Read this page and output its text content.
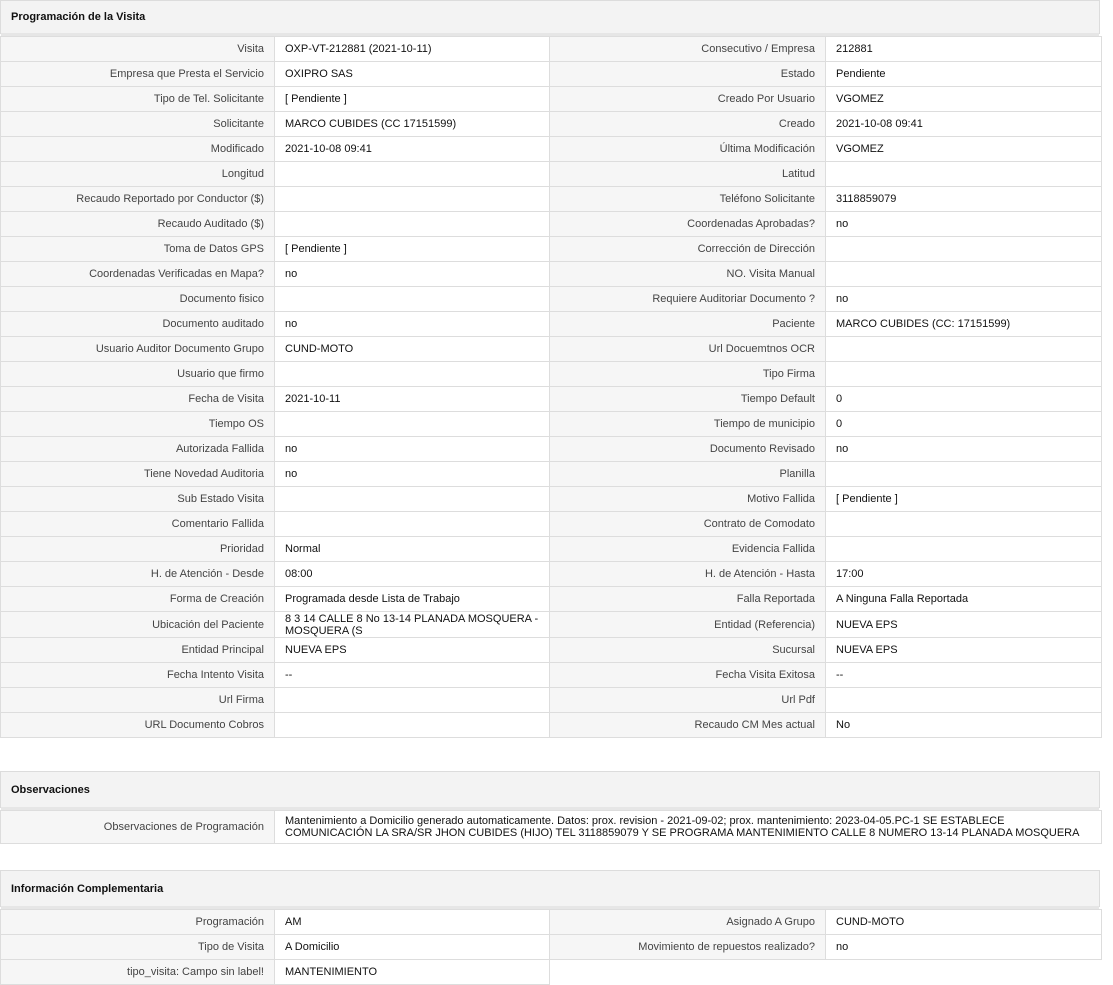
Programación de la Visita
Visita	OXP-VT-212881 (2021-10-11)	Consecutivo / Empresa	212881
Empresa que Presta el Servicio	OXIPRO SAS	Estado	Pendiente
Tipo de Tel. Solicitante	[ Pendiente ]	Creado Por Usuario	VGOMEZ
Solicitante	MARCO CUBIDES (CC 17151599)	Creado	2021-10-08 09:41
Modificado	2021-10-08 09:41	Última Modificación	VGOMEZ
Longitud		Latitud	
Recaudo Reportado por Conductor ($)		Teléfono Solicitante	3118859079
Recaudo Auditado ($)		Coordenadas Aprobadas?	no
Toma de Datos GPS	[ Pendiente ]	Corrección de Dirección	
Coordenadas Verificadas en Mapa?	no	NO. Visita Manual	
Documento fisico		Requiere Auditoriar Documento ?	no
Documento auditado	no	Paciente	MARCO CUBIDES (CC: 17151599)
Usuario Auditor Documento Grupo	CUND-MOTO	Url Docuemtnos OCR	
Usuario que firmo		Tipo Firma	
Fecha de Visita	2021-10-11	Tiempo Default	0
Tiempo OS		Tiempo de municipio	0
Autorizada Fallida	no	Documento Revisado	no
Tiene Novedad Auditoria	no	Planilla	
Sub Estado Visita		Motivo Fallida	[ Pendiente ]
Comentario Fallida		Contrato de Comodato	
Prioridad	Normal	Evidencia Fallida	
H. de Atención - Desde	08:00	H. de Atención - Hasta	17:00
Forma de Creación	Programada desde Lista de Trabajo	Falla Reportada	A Ninguna Falla Reportada
Ubicación del Paciente	8 3 14 CALLE 8 No 13-14 PLANADA MOSQUERA - MOSQUERA (S	Entidad (Referencia)	NUEVA EPS
Entidad Principal	NUEVA EPS	Sucursal	NUEVA EPS
Fecha Intento Visita	--	Fecha Visita Exitosa	--
Url Firma		Url Pdf	
URL Documento Cobros		Recaudo CM Mes actual	No
Observaciones
Observaciones de Programación	Mantenimiento a Domicilio generado automaticamente. Datos: prox. revision - 2021-09-02; prox. mantenimiento: 2023-04-05.PC-1 SE ESTABLECE COMUNICACIÓN LA SRA/SR JHON CUBIDES (HIJO) TEL 3118859079 Y SE PROGRAMA MANTENIMIENTO CALLE 8 NUMERO 13-14 PLANADA MOSQUERA
Información Complementaria
Programación	AM	Asignado A Grupo	CUND-MOTO
Tipo de Visita	A Domicilio	Movimiento de repuestos realizado?	no
tipo_visita: Campo sin label!	MANTENIMIENTO		
